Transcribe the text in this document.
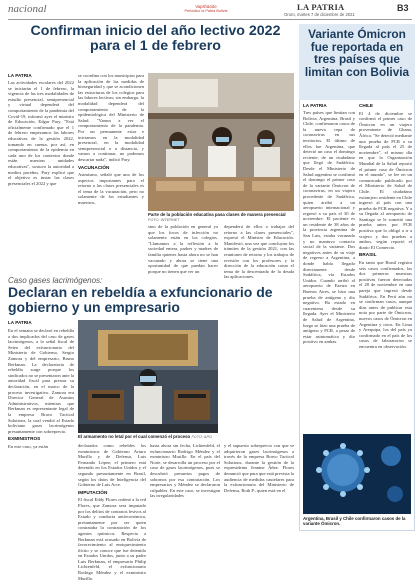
nacional	Vapsh&ride
Periódico la Patria Bolivia	LA PATRIA
Oruro, martes 7 de diciembre de 2021
B3
Confirman inicio del año lectivo 2022 para el 1 de febrero
LA PATRIA

Las actividades escolares del 2022 se iniciarán el 1 de febrero, la vigencia de las tres modalidades de estudio presencial, semipresencial y virtual dependerá del comportamiento de la pandemia del Covid-19, informó ayer el ministro de Educación, Edgar Pary. "Está oficialmente confirmado que el 1 de febrero empezamos las labores educativas de la gestión 2022, tomando en cuenta, por así, en comportamiento de la epidemia en cada uno de los contextos donde están nuestras unidades educativas", sostuvo la autoridad a medios paceños. Pary explicó que el objetivo es instar las clases presenciales el 2022 y que

se coordina con los municipios para la aplicación de las medidas de bioseguridad y que se acondicionen las estructuras de los colegios para las labores lectivas; sin embargo, la modalidad dependerá del comportamiento de la epidemiológica del Ministerio de Salud. "Vamos a ver el comportamiento de la pandemia. Por un permanente estar e iniciamos en la modalidad presencial, en la modalidad semipresencial o a distancia, y vamos a continuar, no podemos descartar nada", indicó Pary.

VACUNACIÓN

Asimismo, señaló que uno de los aspectos importantes para el retorno a las clases presenciales es el tema de la vacunación, pero no solamente de los estudiantes y maestros,

Parte de la población educativa pasa clases de manera presencial FOTO: INTERNET

sino de la población en general ya que los focos de infección no solamente están en los colegios. "Llamamos a la reflexión a la sociedad entera, padres y madres de familia quienes hasta ahora no se han vacunado y ahora se tiene una oportunidad de que puedan hacer porque no tienen que ver un

dependerá de ellos o trabajar del retorno a las clases presenciales", expresó el Ministro de Educación. Manifestó, una vez que concluyan los trámites de la gestión 2021, con las reuniones de retorno y los trabajos de revisión con los profesores y la dirección de la educación como el tema de la descentrada de la deuda las aplicaciones.

Caso gases lacrimógenos:
Declaran en rebeldía a exfuncionario de gobierno y un empresario
LA PATRIA

En el semana se declaró en rebeldía a dos implicados del caso de gases lacrimógenos, a la señal fiscal de Seteo del exfuncionario del Ministerio de Gobierno, Sergio Zamora y del empresario, Bruno Berkman. La declaratoria de rebeldía surge porque los sindicados no se presentaron ante la autoridad fiscal para prestar su declaración, en el marco de la proceso investigativo. Zamora era Director General de Asuntos Administrativos, mientras que Berkman es representante legal de la empresa Bravo Tactical Solutions, la cual vendió al Estado boliviano gases lacrimógenos presuntamente con sobreprecio.

EXMINISTROS

En este caso, ya están

El armamento no letal por el cual comenzó el proceso FOTO: APG

declarados como rebeldes los exministros de Gobierno Arturo Murillo y de Defensa, Luis Fernando López; el primero está detenido en los Estados Unidos y el segundo presuntamente en Brasil, según los datos de Inteligencia del Gobierno de Luis Arce.

IMPUTACIÓN

El fiscal Eddy Flores ordenó a la red Flores, que Zamora sera imputado por los delitos de contratos lesivos al Estado y conducta antieconómica, presuntamente por ser quien contrataba la contratación de los agentes químicos. Respecto a Berkman está acusado en Bolivia de favorecimiento al enriquecimiento ilícito y se conoce que fue detenido en Estados Unidos, junto a su padre Luis Berkman, el empresario Philip Lichtenfeld, el exfuncionario Rodrigo Méndez y el exministro Murillo.

hasta ahora sin fecha, Lichtenfeld, el exfuncionario Rodrigo Méndez y el exministro Murillo. En el país del Norte, se desarrolla un proceso por el caso de gases lacrimógenos, pues se descubrió presuntos pagos de sobornos por esa contratación. Los empresarios y Méndez se declararon culpables. En este caso, se investigan las irregularidades

y el supuesto sobreprecio con que se adquirieron gases lacrimógenos a través de la empresa Bravo Tactical Solutions, durante la gestión de la expresidenta Jeanine Áñez. Flores denunció que para que está prevista la audiencia de medidas cautelares para la exfuncionaria del Ministerio de Defensa, Roth P., quien está en el

Variante Ómicron fue reportada en tres países que limitan con Bolivia
LA PATRIA

Tres países que limitan con Bolivia, Argentina, Brasil y Chile, confirmaron casos de la nueva cepa de coronavirus en sus territorios. El último de ellos fue Argentina, que detectó un caso el domingo reciente, de un ciudadano que llegó de Sudáfrica. Desde el Ministerio de Salud argentino se confirmó el domingo el primer caso de la variante Ómicron de coronavirus, en un viajero procedente de Sudáfrica, quien arribó a un aeropuerto internacional y regresó a su país el 30 de noviembre. El paciente es un residente de 38 años de la provincia argentina de San Luis, estaba vacunado y no mantuvo contacto social de la variante. Dos negativos antes de su viaje de regreso a Argentina, a donde había llegado directamente desde Sudáfrica, vía Estados Unidos. Cuando arribó al aeropuerto de Ezeiza en Buenos Aires, se hizo una prueba de antígeno y dio negativo. Ha estado en cuarentena desde su llegada. Ayer el Ministerio de Salud de Argentina, luego se hizo una prueba de antígeno y PCR, a pesar de estar asintomático y dio positivo en ambas.

CHILE

El 4 de diciembre se confirmó el primer caso de Ómicron en un viajero proveniente de Ghana, África. "Se detectó mediante una prueba de PCR a su llegada al país el 25 de noviembre", el mismo día en que la Organización Mundial de la Salud reportó el primer caso de Ómicron en el mundo", se lee en un comunicado publicado por el Ministerio de Salud de Chile. El ciudadano extranjero residente en Chile ingresó al país con una prueba de PCR negativa. Y a su llegada al aeropuerto de Santiago se le sometió una prueba antes por PCR positiva que lo obligó a ir a viajero y dos pruebas a ambos, según reportó el diario El Comercio.

BRASIL

En tanto que Brasil registra seis casos confirmados, las dos primeras muestras positivas fueron detectadas el 28 de noviembre en una pareja que ingresó desde Sudáfrica. En Perú aún no se confirman casos, aunque días antes de publicar esta nota por parte de Ómicron, nuevos casos de Ómicron en Argentina y otros. En Lima y Arequipa, los del país ya confirmado en el país de los casos de laboratorios se encuentra en observación.

Argentina, Brasil y Chile confirmaron casos de la variante Ómicron.
